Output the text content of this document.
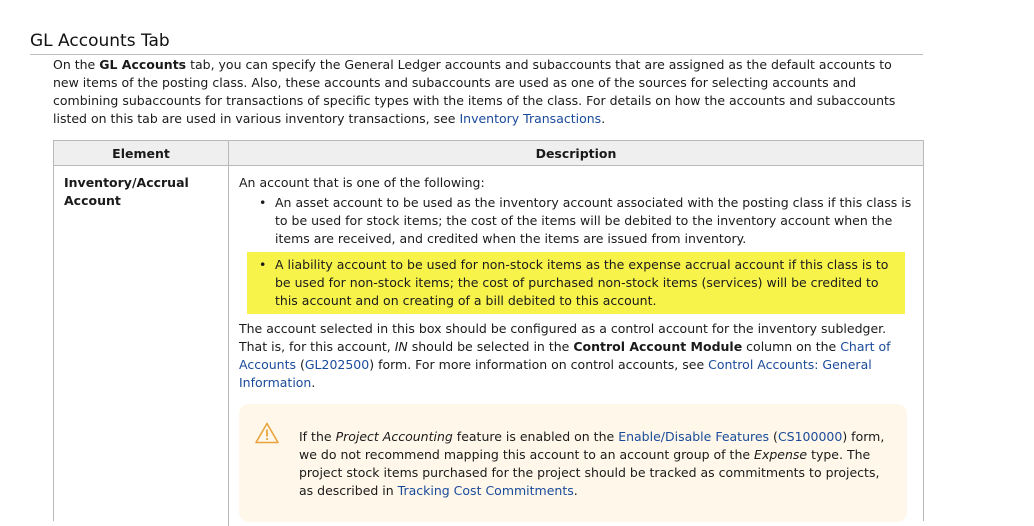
GL Accounts Tab

On the GL Accounts tab, you can specify the General Ledger accounts and subaccounts that are assigned as the default accounts to new items of the posting class. Also, these accounts and subaccounts are used as one of the sources for selecting accounts and combining subaccounts for transactions of specific types with the items of the class. For details on how the accounts and subaccounts listed on this tab are used in various inventory transactions, see Inventory Transactions.

Element	Description
Inventory/Accrual Account
An account that is one of the following:
• An asset account to be used as the inventory account associated with the posting class if this class is to be used for stock items; the cost of the items will be debited to the inventory account when the items are received, and credited when the items are issued from inventory.
• A liability account to be used for non-stock items as the expense accrual account if this class is to be used for non-stock items; the cost of purchased non-stock items (services) will be credited to this account and on creating of a bill debited to this account.
The account selected in this box should be configured as a control account for the inventory subledger. That is, for this account, IN should be selected in the Control Account Module column on the Chart of Accounts (GL202500) form. For more information on control accounts, see Control Accounts: General Information.
If the Project Accounting feature is enabled on the Enable/Disable Features (CS100000) form, we do not recommend mapping this account to an account group of the Expense type. The project stock items purchased for the project should be tracked as commitments to projects, as described in Tracking Cost Commitments.
